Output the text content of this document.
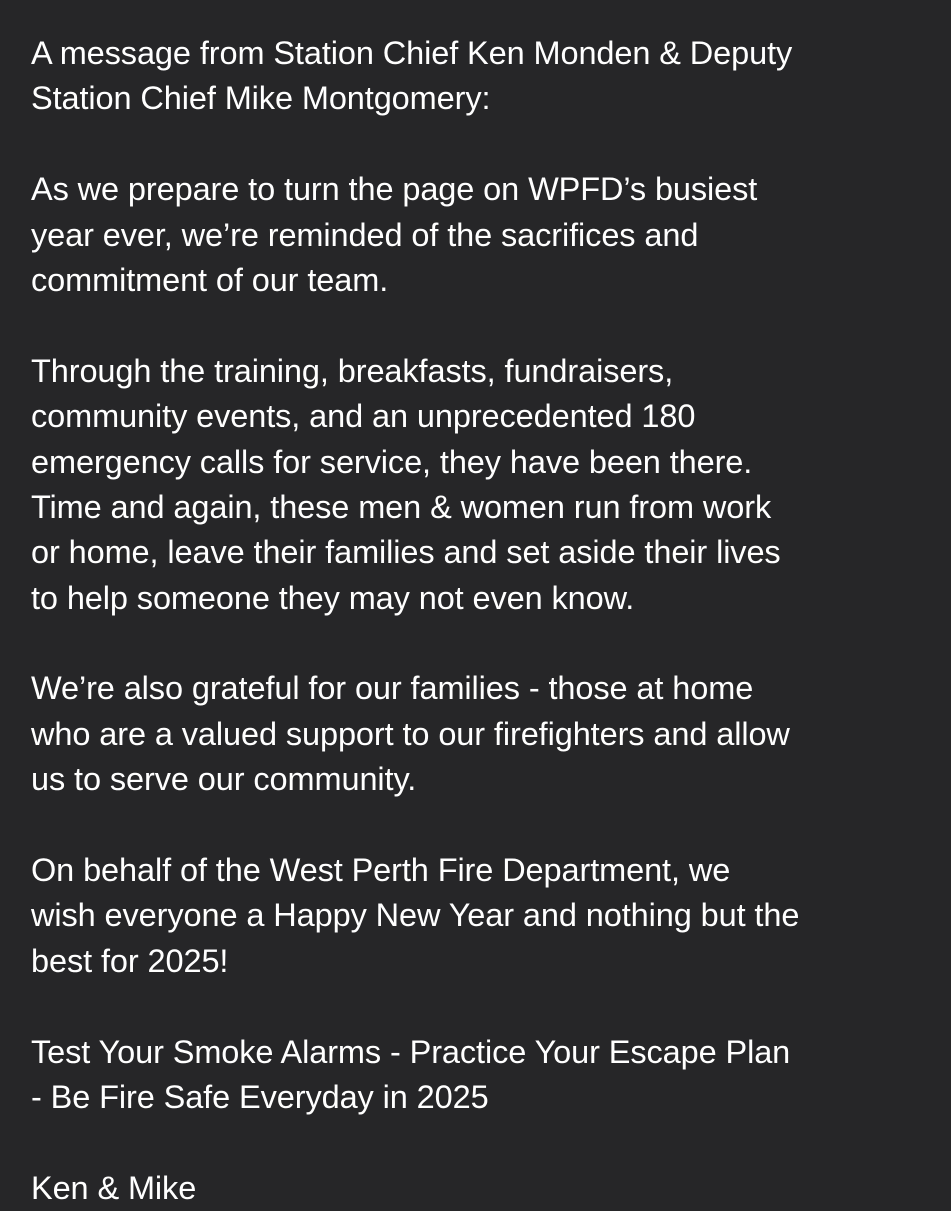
A message from Station Chief Ken Monden & Deputy
Station Chief Mike Montgomery:
As we prepare to turn the page on WPFD’s busiest
year ever, we’re reminded of the sacrifices and
commitment of our team.
Through the training, breakfasts, fundraisers,
community events, and an unprecedented 180
emergency calls for service, they have been there.
Time and again, these men & women run from work
or home, leave their families and set aside their lives
to help someone they may not even know.
We’re also grateful for our families - those at home
who are a valued support to our firefighters and allow
us to serve our community.
On behalf of the West Perth Fire Department, we
wish everyone a Happy New Year and nothing but the
best for 2025!
Test Your Smoke Alarms - Practice Your Escape Plan
- Be Fire Safe Everyday in 2025
Ken & Mike
